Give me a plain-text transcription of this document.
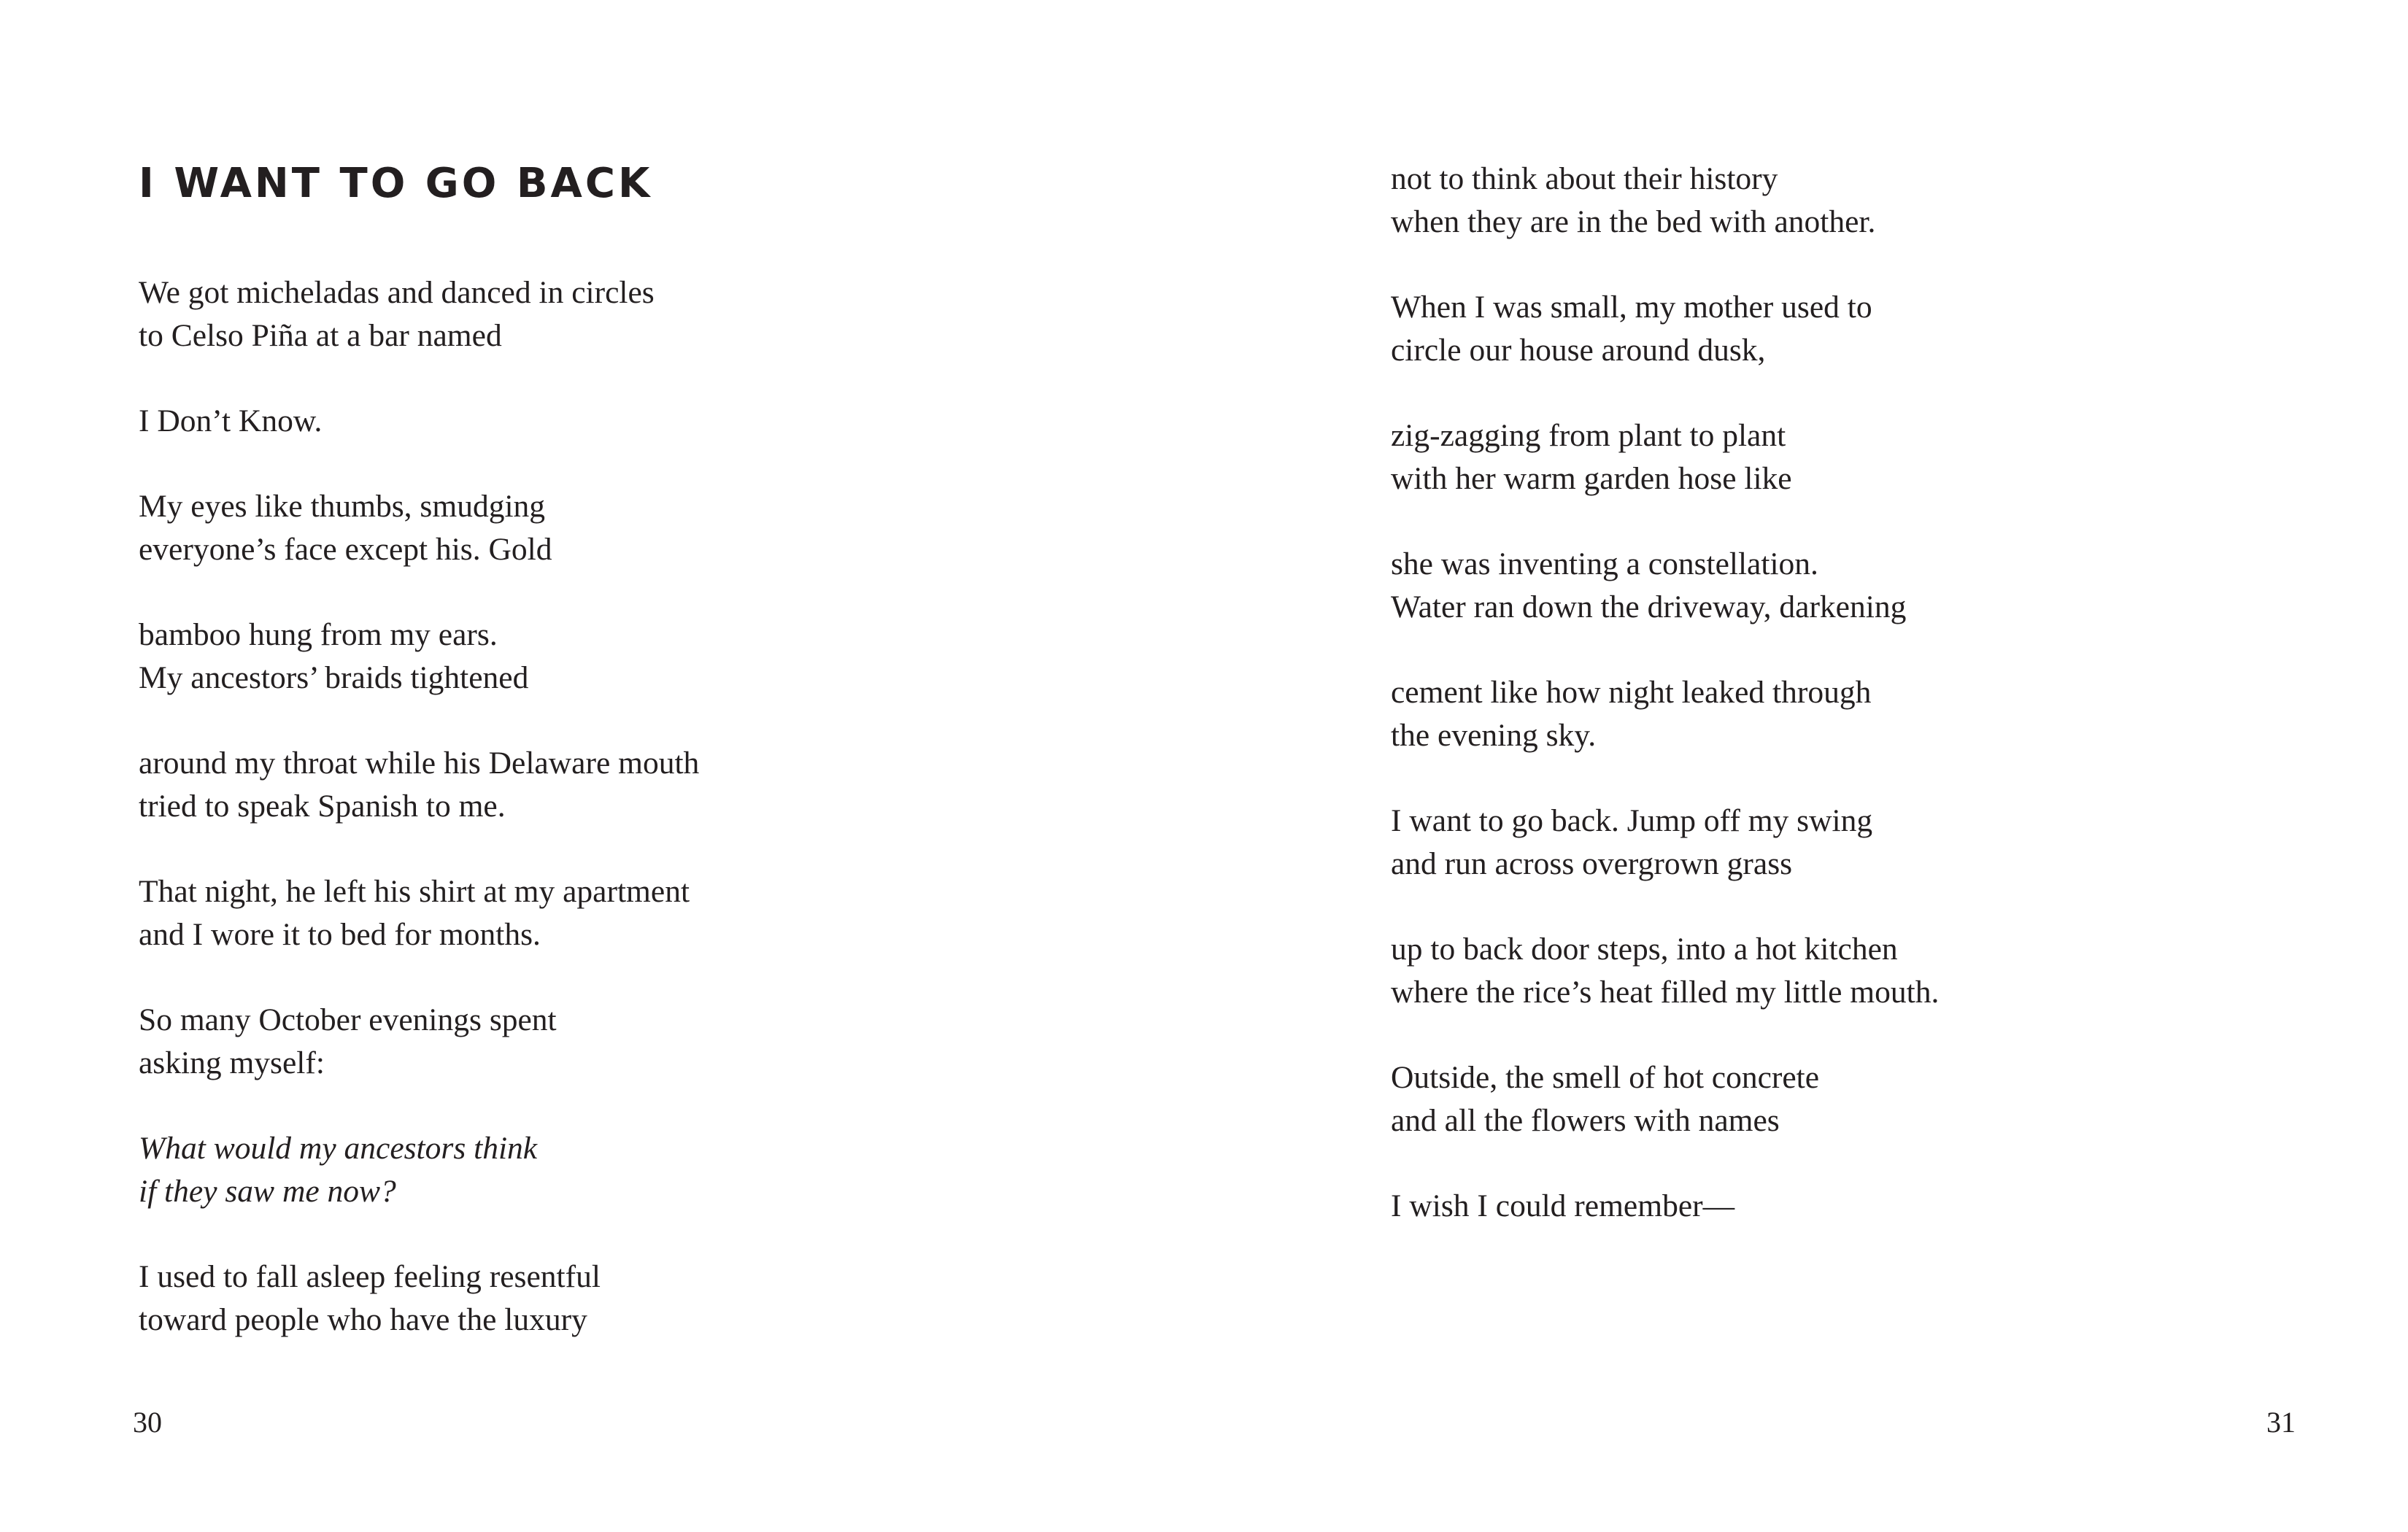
I WANT TO GO BACK

We got micheladas and danced in circles
to Celso Piña at a bar named

I Don’t Know.

My eyes like thumbs, smudging
everyone’s face except his. Gold

bamboo hung from my ears.
My ancestors’ braids tightened

around my throat while his Delaware mouth
tried to speak Spanish to me.

That night, he left his shirt at my apartment
and I wore it to bed for months.

So many October evenings spent
asking myself:

What would my ancestors think
if they saw me now?

I used to fall asleep feeling resentful
toward people who have the luxury

30

not to think about their history
when they are in the bed with another.

When I was small, my mother used to
circle our house around dusk,

zig-zagging from plant to plant
with her warm garden hose like

she was inventing a constellation.
Water ran down the driveway, darkening

cement like how night leaked through
the evening sky.

I want to go back. Jump off my swing
and run across overgrown grass

up to back door steps, into a hot kitchen
where the rice’s heat filled my little mouth.

Outside, the smell of hot concrete
and all the flowers with names

I wish I could remember—

31
